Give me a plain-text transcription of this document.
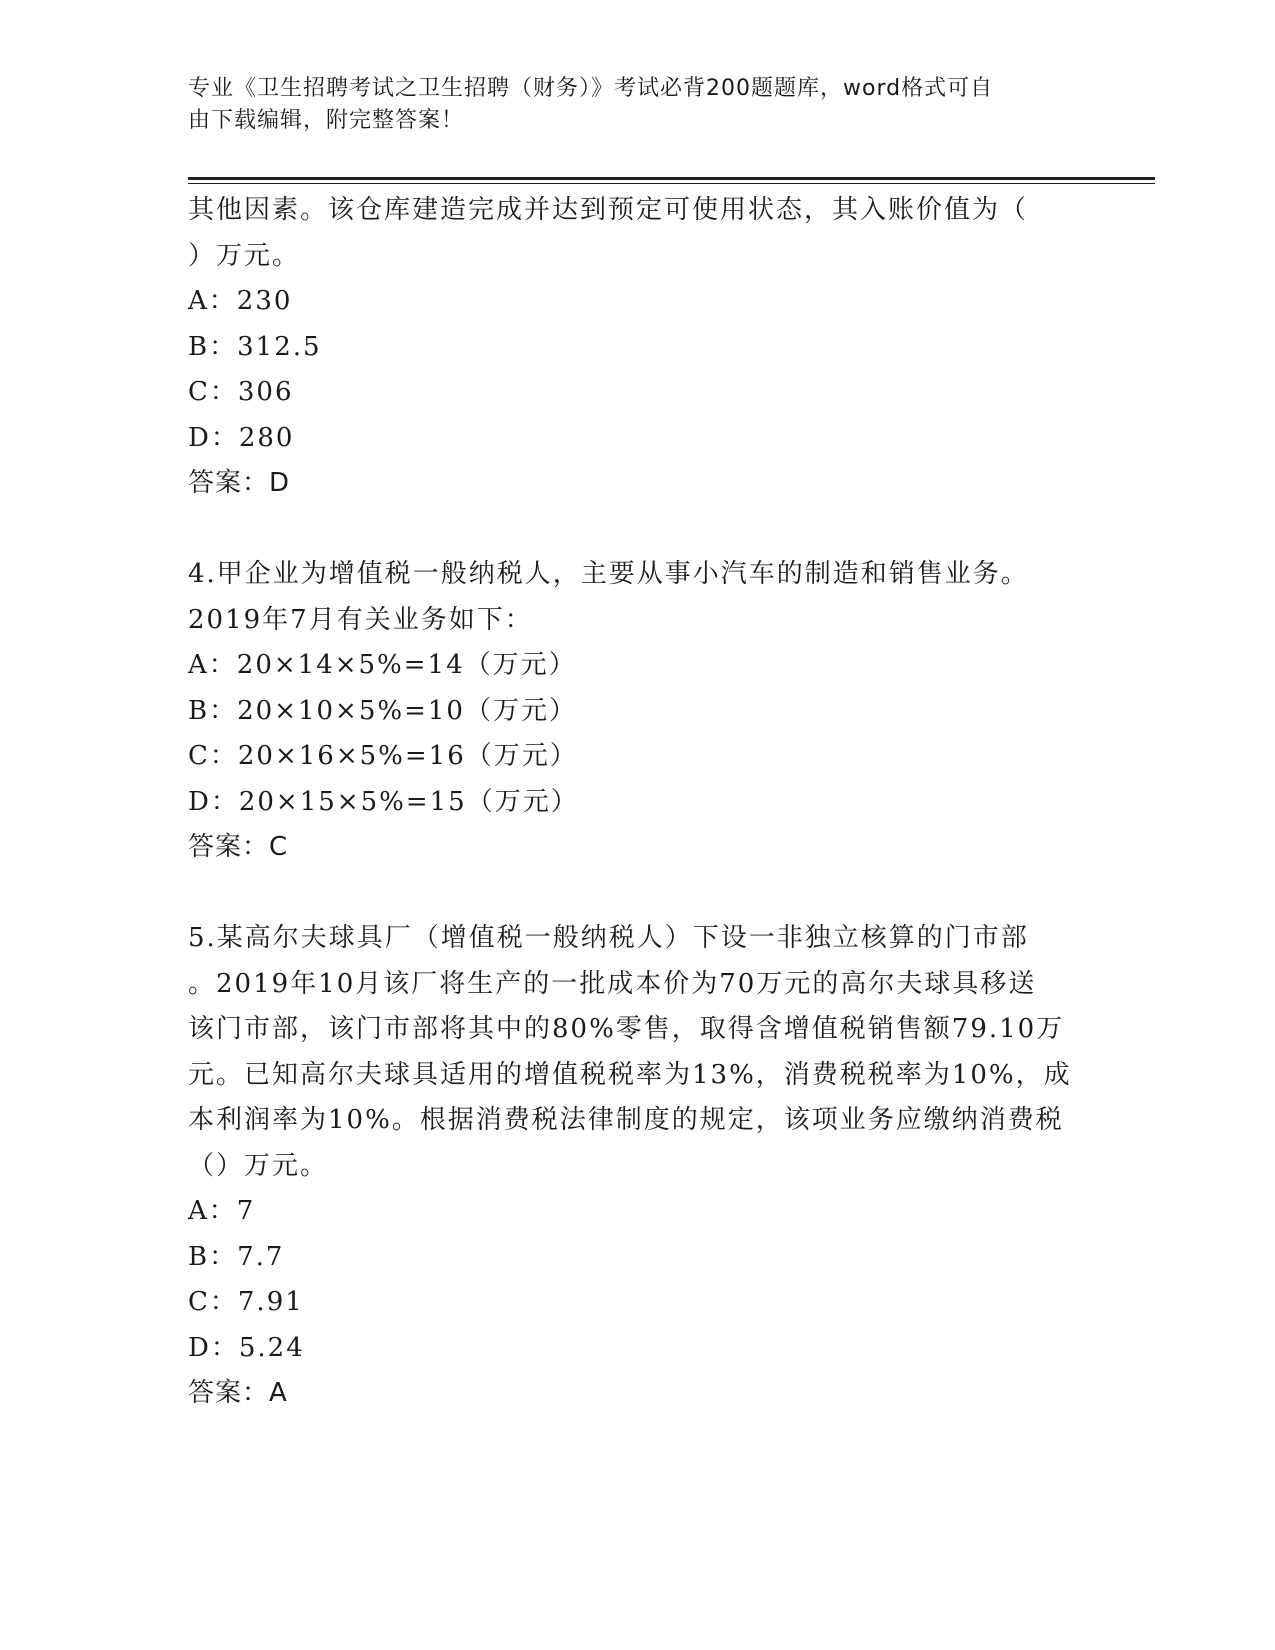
专业《卫生招聘考试之卫生招聘（财务）》考试必背200题题库，word格式可自
由下载编辑，附完整答案！
其他因素。该仓库建造完成并达到预定可使用状态，其入账价值为（
）万元。
A：230
B：312.5
C：306
D：280
答案：D
4.甲企业为增值税一般纳税人，主要从事小汽车的制造和销售业务。
2019年7月有关业务如下：
A：20×14×5%=14（万元）
B：20×10×5%=10（万元）
C：20×16×5%=16（万元）
D：20×15×5%=15（万元）
答案：C
5.某高尔夫球具厂（增值税一般纳税人）下设一非独立核算的门市部
。2019年10月该厂将生产的一批成本价为70万元的高尔夫球具移送
该门市部，该门市部将其中的80%零售，取得含增值税销售额79.10万
元。已知高尔夫球具适用的增值税税率为13%，消费税税率为10%，成
本利润率为10%。根据消费税法律制度的规定，该项业务应缴纳消费税
（）万元。
A：7
B：7.7
C：7.91
D：5.24
答案：A
